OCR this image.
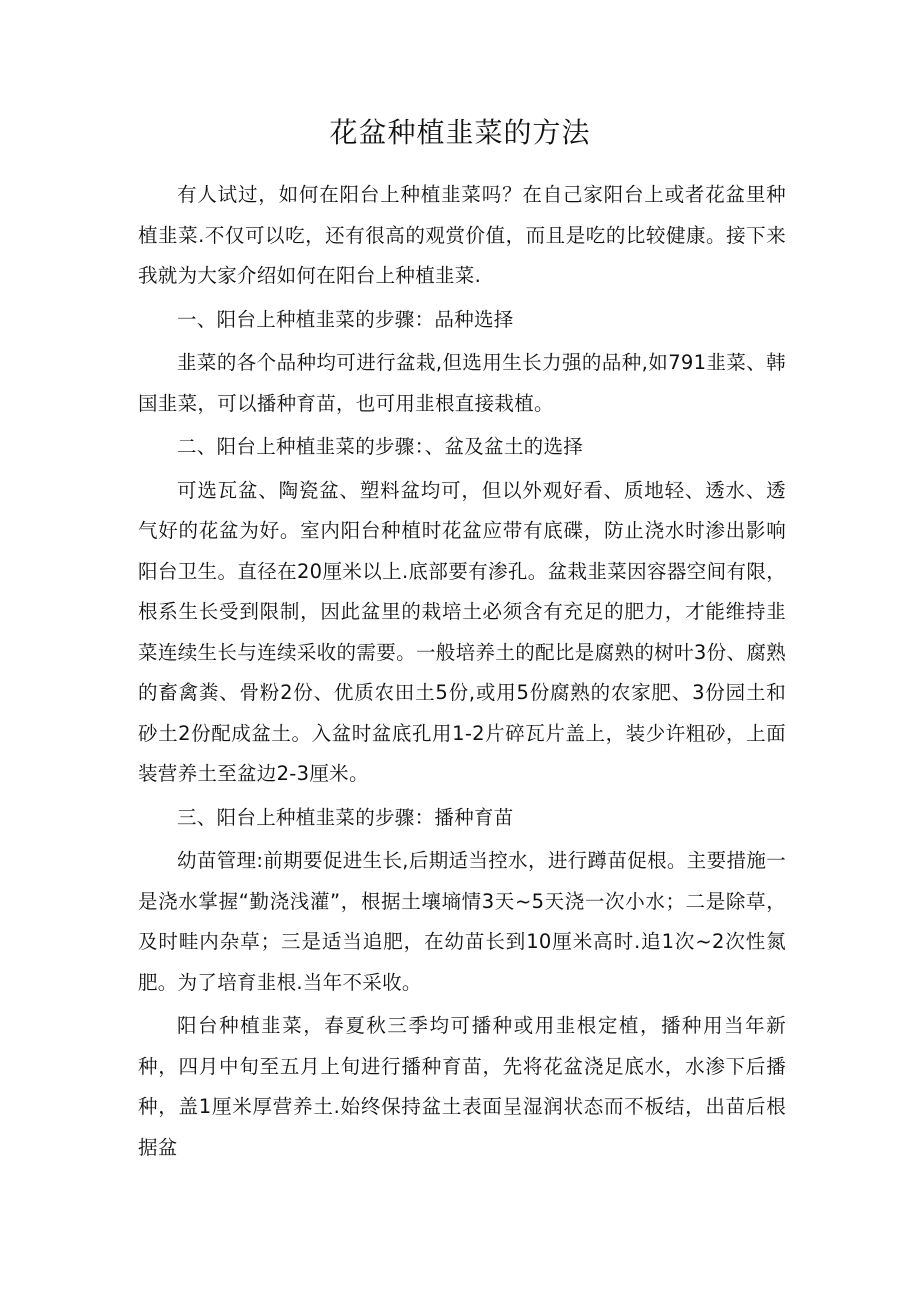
花盆种植韭菜的方法

有人试过，如何在阳台上种植韭菜吗？在自己家阳台上或者花盆里种植韭菜.不仅可以吃，还有很高的观赏价值，而且是吃的比较健康。接下来我就为大家介绍如何在阳台上种植韭菜.

一、阳台上种植韭菜的步骤：品种选择

韭菜的各个品种均可进行盆栽,但选用生长力强的品种,如791韭菜、韩国韭菜，可以播种育苗，也可用韭根直接栽植。

二、阳台上种植韭菜的步骤：、盆及盆土的选择

可选瓦盆、陶瓷盆、塑料盆均可，但以外观好看、质地轻、透水、透气好的花盆为好。室内阳台种植时花盆应带有底碟，防止浇水时渗出影响阳台卫生。直径在20厘米以上.底部要有渗孔。盆栽韭菜因容器空间有限，根系生长受到限制，因此盆里的栽培土必须含有充足的肥力，才能维持韭菜连续生长与连续采收的需要。一般培养土的配比是腐熟的树叶3份、腐熟的畜禽粪、骨粉2份、优质农田土5份,或用5份腐熟的农家肥、3份园土和砂土2份配成盆土。入盆时盆底孔用1-2片碎瓦片盖上，装少许粗砂，上面装营养土至盆边2-3厘米。

三、阳台上种植韭菜的步骤：播种育苗

幼苗管理:前期要促进生长,后期适当控水，进行蹲苗促根。主要措施一是浇水掌握“勤浇浅灌”，根据土壤墒情3天~5天浇一次小水；二是除草，及时畦内杂草；三是适当追肥，在幼苗长到10厘米高时.追1次~2次性氮肥。为了培育韭根.当年不采收。

阳台种植韭菜，春夏秋三季均可播种或用韭根定植，播种用当年新种，四月中旬至五月上旬进行播种育苗，先将花盆浇足底水，水渗下后播种，盖1厘米厚营养土.始终保持盆土表面呈湿润状态而不板结，出苗后根据盆
